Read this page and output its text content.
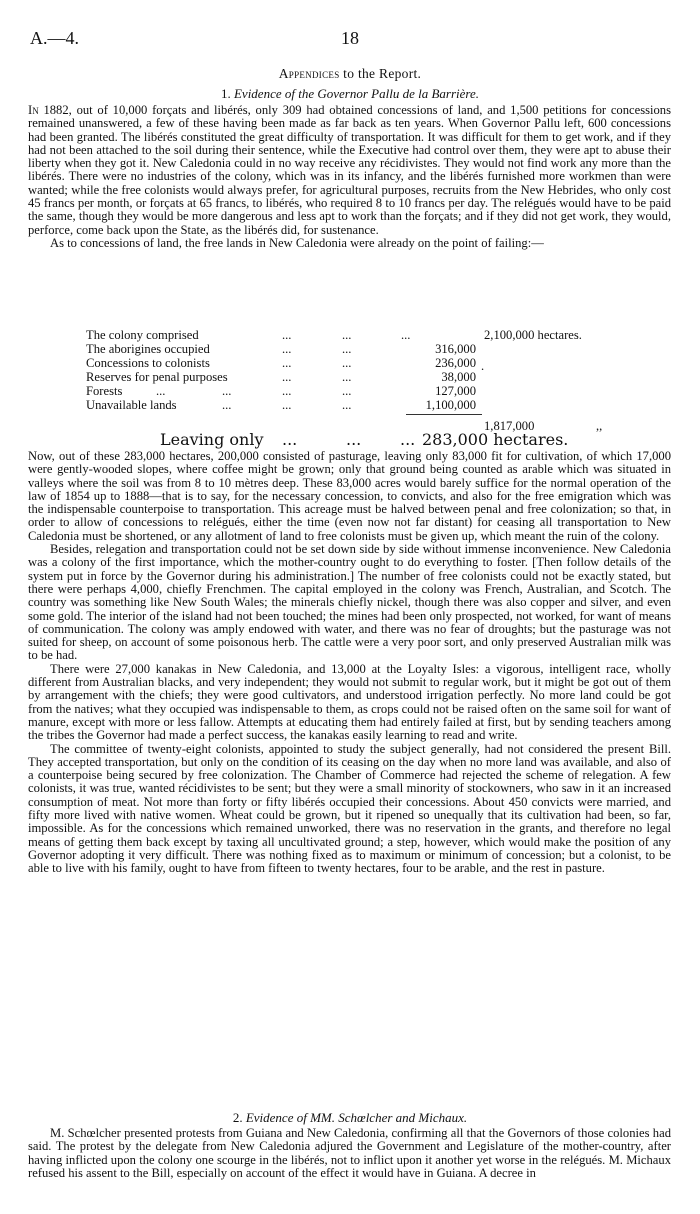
A.—4.	18
Appendices to the Report.
1. Evidence of the Governor Pallu de la Barrière.

In 1882, out of 10,000 forçats and libérés, only 309 had obtained concessions of land, and 1,500 petitions for concessions remained unanswered, a few of these having been made as far back as ten years. When Governor Pallu left, 600 concessions had been granted. The libérés constituted the great difficulty of transportation. It was difficult for them to get work, and if they had not been attached to the soil during their sentence, while the Executive had control over them, they were apt to abuse their liberty when they got it. New Caledonia could in no way receive any récidivistes. They would not find work any more than the libérés. There were no industries of the colony, which was in its infancy, and the libérés furnished more workmen than were wanted; while the free colonists would always prefer, for agricultural purposes, recruits from the New Hebrides, who only cost 45 francs per month, or forçats at 65 francs, to libérés, who required 8 to 10 francs per day. The relégués would have to be paid the same, though they would be more dangerous and less apt to work than the forçats; and if they did not get work, they would, perforce, come back upon the State, as the libérés did, for sustenance.

As to concessions of land, the free lands in New Caledonia were already on the point of failing:—

The colony comprised	...	...	...	2,100,000 hectares.
The aborigines occupied	...	...	316,000
Concessions to colonists	...	...	236,000 .
Reserves for penal purposes	...	...	38,000
Forests	...	...	...	...	127,000
Unavailable lands	...	...	...	1,100,000
1,817,000	,,
Leaving only ...	... ... 283,000 hectares.

Now, out of these 283,000 hectares, 200,000 consisted of pasturage, leaving only 83,000 fit for cultivation, of which 17,000 were gently-wooded slopes, where coffee might be grown; only that ground being counted as arable which was situated in valleys where the soil was from 8 to 10 mètres deep. These 83,000 acres would barely suffice for the normal operation of the law of 1854 up to 1888—that is to say, for the necessary concession, to convicts, and also for the free emigration which was the indispensable counterpoise to transportation. This acreage must be halved between penal and free colonization; so that, in order to allow of concessions to relégués, either the time (even now not far distant) for ceasing all transportation to New Caledonia must be shortened, or any allotment of land to free colonists must be given up, which meant the ruin of the colony.

Besides, relegation and transportation could not be set down side by side without immense inconvenience. New Caledonia was a colony of the first importance, which the mother-country ought to do everything to foster. [Then follow details of the system put in force by the Governor during his administration.] The number of free colonists could not be exactly stated, but there were perhaps 4,000, chiefly Frenchmen. The capital employed in the colony was French, Australian, and Scotch. The country was something like New South Wales; the minerals chiefly nickel, though there was also copper and silver, and even some gold. The interior of the island had not been touched; the mines had been only prospected, not worked, for want of means of communication. The colony was amply endowed with water, and there was no fear of droughts; but the pasturage was not suited for sheep, on account of some poisonous herb. The cattle were a very poor sort, and only preserved Australian milk was to be had.

There were 27,000 kanakas in New Caledonia, and 13,000 at the Loyalty Isles: a vigorous, intelligent race, wholly different from Australian blacks, and very independent; they would not submit to regular work, but it might be got out of them by arrangement with the chiefs; they were good cultivators, and understood irrigation perfectly. No more land could be got from the natives; what they occupied was indispensable to them, as crops could not be raised often on the same soil for want of manure, except with more or less fallow. Attempts at educating them had entirely failed at first, but by sending teachers among the tribes the Governor had made a perfect success, the kanakas easily learning to read and write.

The committee of twenty-eight colonists, appointed to study the subject generally, had not considered the present Bill. They accepted transportation, but only on the condition of its ceasing on the day when no more land was available, and also of a counterpoise being secured by free colonization. The Chamber of Commerce had rejected the scheme of relegation. A few colonists, it was true, wanted récidivistes to be sent; but they were a small minority of stockowners, who saw in it an increased consumption of meat. Not more than forty or fifty libérés occupied their concessions. About 450 convicts were married, and fifty more lived with native women. Wheat could be grown, but it ripened so unequally that its cultivation had been, so far, impossible. As for the concessions which remained unworked, there was no reservation in the grants, and therefore no legal means of getting them back except by taxing all uncultivated ground; a step, however, which would make the position of any Governor adopting it very difficult. There was nothing fixed as to maximum or minimum of concession; but a colonist, to be able to live with his family, ought to have from fifteen to twenty hectares, four to be arable, and the rest in pasture.

2. Evidence of MM. Schœlcher and Michaux.

M. Schœlcher presented protests from Guiana and New Caledonia, confirming all that the Governors of those colonies had said. The protest by the delegate from New Caledonia adjured the Government and Legislature of the mother-country, after having inflicted upon the colony one scourge in the libérés, not to inflict upon it another yet worse in the relégués. M. Michaux refused his assent to the Bill, especially on account of the effect it would have in Guiana. A decree in
